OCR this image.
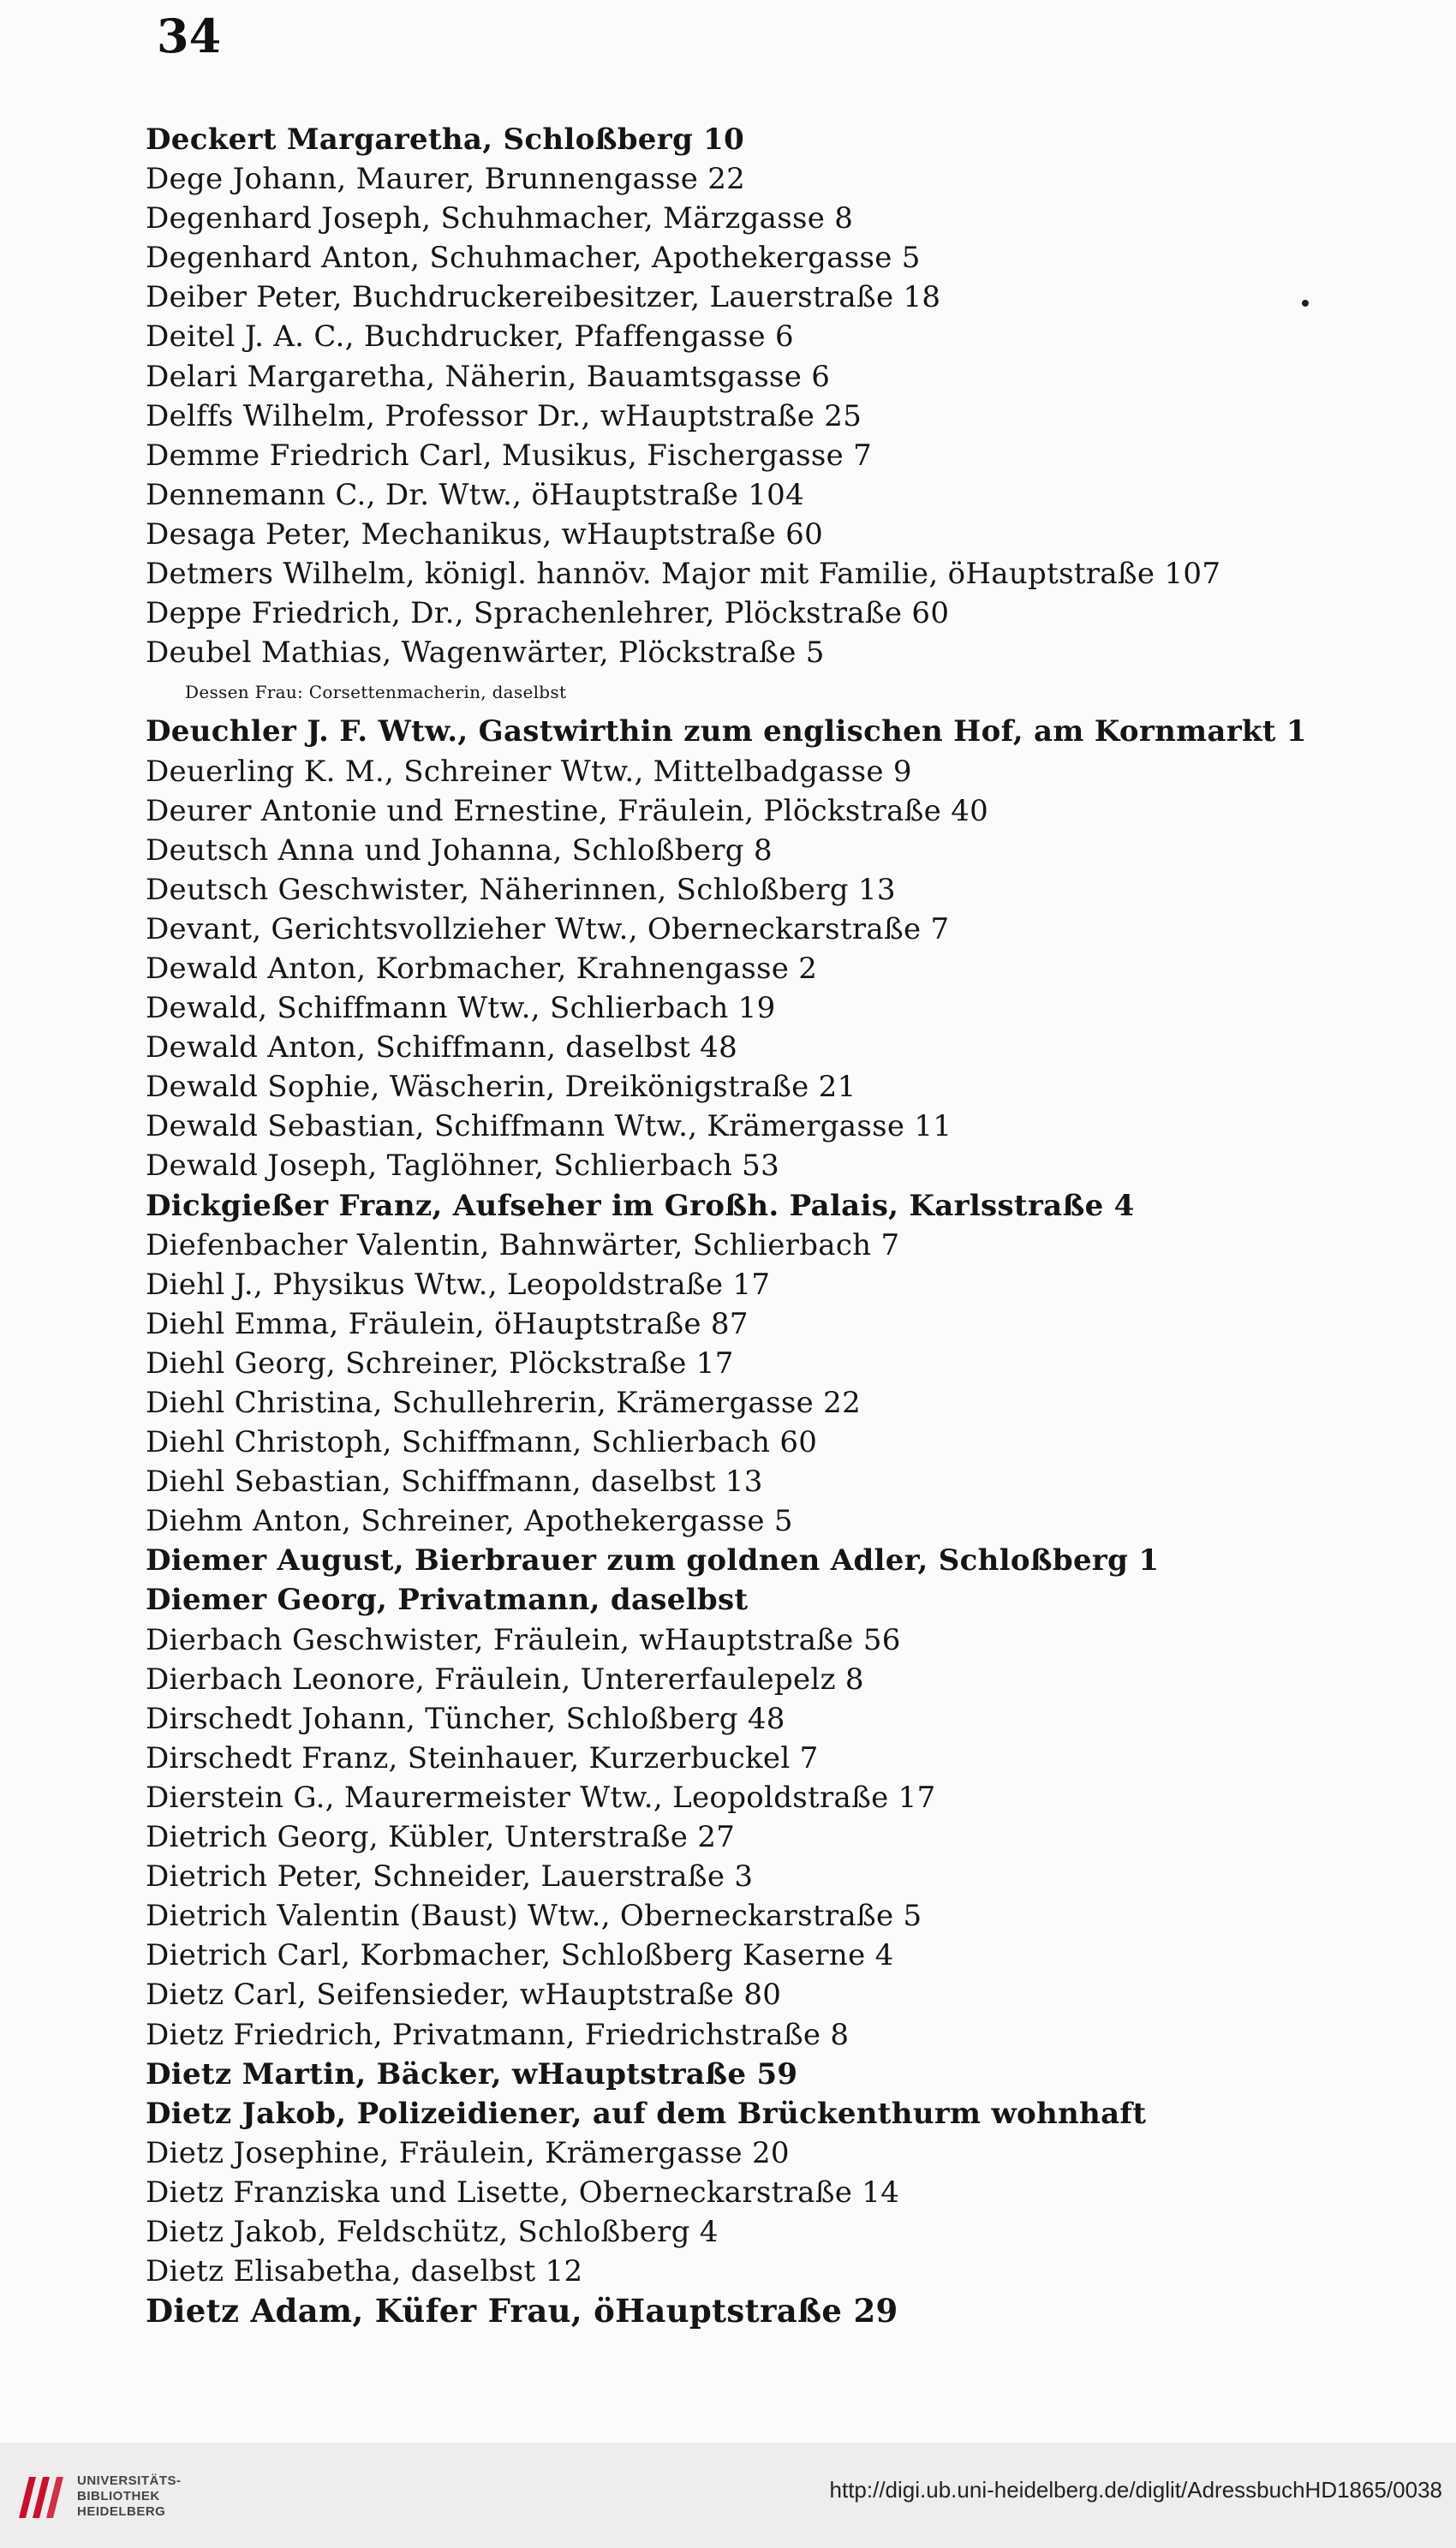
34
Deckert Margaretha, Schloßberg 10
Dege Johann, Maurer, Brunnengasse 22
Degenhard Joseph, Schuhmacher, Märzgasse 8
Degenhard Anton, Schuhmacher, Apothekergasse 5
Deiber Peter, Buchdruckereibesitzer, Lauerstraße 18
Deitel J. A. C., Buchdrucker, Pfaffengasse 6
Delari Margaretha, Näherin, Bauamtsgasse 6
Delffs Wilhelm, Professor Dr., wHauptstraße 25
Demme Friedrich Carl, Musikus, Fischergasse 7
Dennemann C., Dr. Wtw., öHauptstraße 104
Desaga Peter, Mechanikus, wHauptstraße 60
Detmers Wilhelm, königl. hannöv. Major mit Familie, öHauptstraße 107
Deppe Friedrich, Dr., Sprachenlehrer, Plöckstraße 60
Deubel Mathias, Wagenwärter, Plöckstraße 5
Dessen Frau: Corsettenmacherin, daselbst
Deuchler J. F. Wtw., Gastwirthin zum englischen Hof, am Kornmarkt 1
Deuerling K. M., Schreiner Wtw., Mittelbadgasse 9
Deurer Antonie und Ernestine, Fräulein, Plöckstraße 40
Deutsch Anna und Johanna, Schloßberg 8
Deutsch Geschwister, Näherinnen, Schloßberg 13
Devant, Gerichtsvollzieher Wtw., Oberneckarstraße 7
Dewald Anton, Korbmacher, Krahnengasse 2
Dewald, Schiffmann Wtw., Schlierbach 19
Dewald Anton, Schiffmann, daselbst 48
Dewald Sophie, Wäscherin, Dreikönigstraße 21
Dewald Sebastian, Schiffmann Wtw., Krämergasse 11
Dewald Joseph, Taglöhner, Schlierbach 53
Dickgießer Franz, Aufseher im Großh. Palais, Karlsstraße 4
Diefenbacher Valentin, Bahnwärter, Schlierbach 7
Diehl J., Physikus Wtw., Leopoldstraße 17
Diehl Emma, Fräulein, öHauptstraße 87
Diehl Georg, Schreiner, Plöckstraße 17
Diehl Christina, Schullehrerin, Krämergasse 22
Diehl Christoph, Schiffmann, Schlierbach 60
Diehl Sebastian, Schiffmann, daselbst 13
Diehm Anton, Schreiner, Apothekergasse 5
Diemer August, Bierbrauer zum goldnen Adler, Schloßberg 1
Diemer Georg, Privatmann, daselbst
Dierbach Geschwister, Fräulein, wHauptstraße 56
Dierbach Leonore, Fräulein, Untererfaulepelz 8
Dirschedt Johann, Tüncher, Schloßberg 48
Dirschedt Franz, Steinhauer, Kurzerbuckel 7
Dierstein G., Maurermeister Wtw., Leopoldstraße 17
Dietrich Georg, Kübler, Unterstraße 27
Dietrich Peter, Schneider, Lauerstraße 3
Dietrich Valentin (Baust) Wtw., Oberneckarstraße 5
Dietrich Carl, Korbmacher, Schloßberg Kaserne 4
Dietz Carl, Seifensieder, wHauptstraße 80
Dietz Friedrich, Privatmann, Friedrichstraße 8
Dietz Martin, Bäcker, wHauptstraße 59
Dietz Jakob, Polizeidiener, auf dem Brückenthurm wohnhaft
Dietz Josephine, Fräulein, Krämergasse 20
Dietz Franziska und Lisette, Oberneckarstraße 14
Dietz Jakob, Feldschütz, Schloßberg 4
Dietz Elisabetha, daselbst 12
Dietz Adam, Küfer Frau, öHauptstraße 29
UNIVERSITÄTS-
BIBLIOTHEK
HEIDELBERG
http://digi.ub.uni-heidelberg.de/diglit/AdressbuchHD1865/0038
